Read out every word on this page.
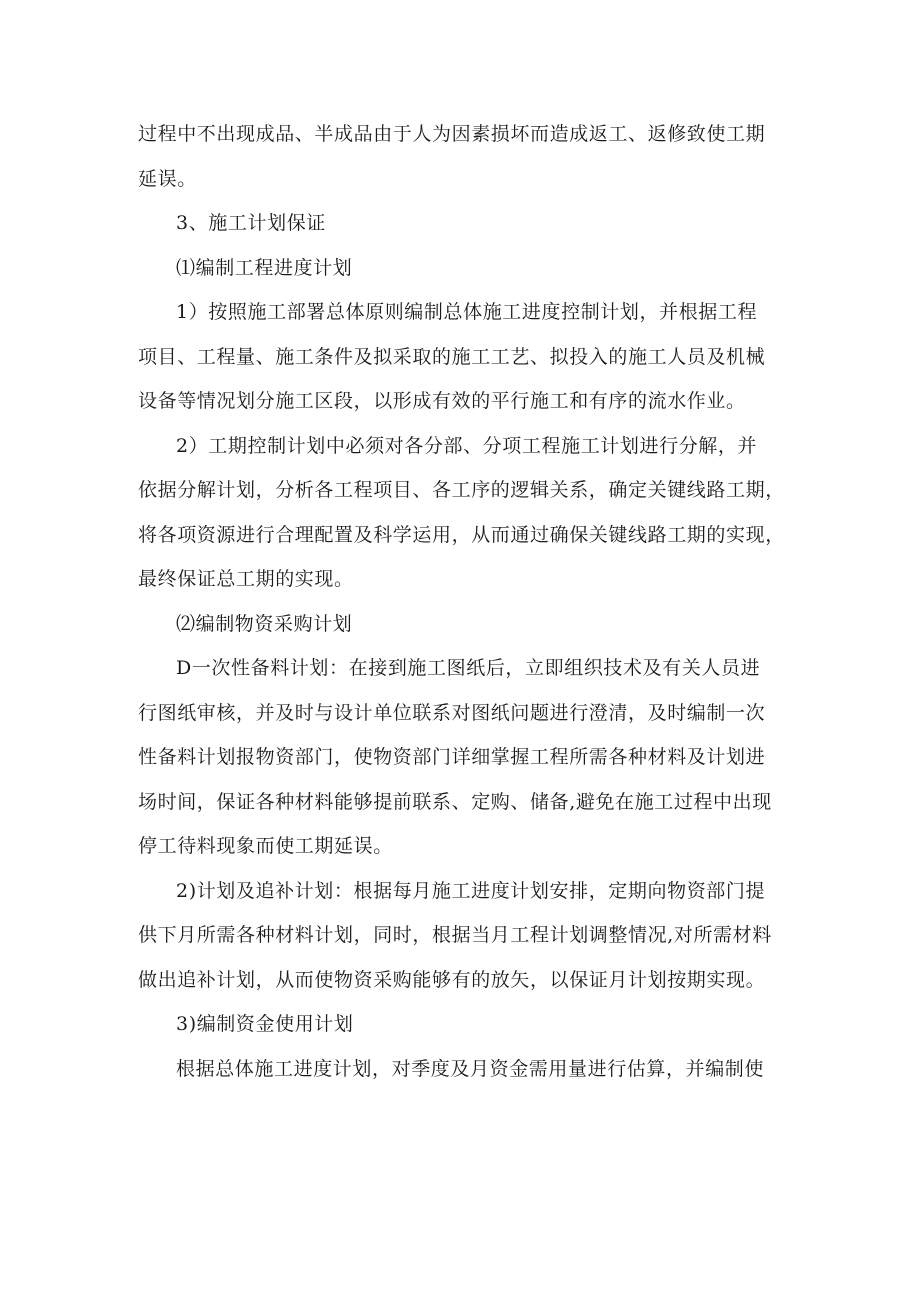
过程中不出现成品、半成品由于人为因素损坏而造成返工、返修致使工期

延误。

3、施工计划保证

⑴编制工程进度计划

1）按照施工部署总体原则编制总体施工进度控制计划，并根据工程

项目、工程量、施工条件及拟采取的施工工艺、拟投入的施工人员及机械

设备等情况划分施工区段，以形成有效的平行施工和有序的流水作业。

2）工期控制计划中必须对各分部、分项工程施工计划进行分解，并

依据分解计划，分析各工程项目、各工序的逻辑关系，确定关键线路工期，

将各项资源进行合理配置及科学运用，从而通过确保关键线路工期的实现，

最终保证总工期的实现。

⑵编制物资采购计划

D一次性备料计划：在接到施工图纸后，立即组织技术及有关人员进

行图纸审核，并及时与设计单位联系对图纸问题进行澄清，及时编制一次

性备料计划报物资部门，使物资部门详细掌握工程所需各种材料及计划进

场时间，保证各种材料能够提前联系、定购、储备,避免在施工过程中出现

停工待料现象而使工期延误。

2)计划及追补计划：根据每月施工进度计划安排，定期向物资部门提

供下月所需各种材料计划，同时，根据当月工程计划调整情况,对所需材料

做出追补计划，从而使物资采购能够有的放矢，以保证月计划按期实现。

3)编制资金使用计划

根据总体施工进度计划，对季度及月资金需用量进行估算，并编制使
